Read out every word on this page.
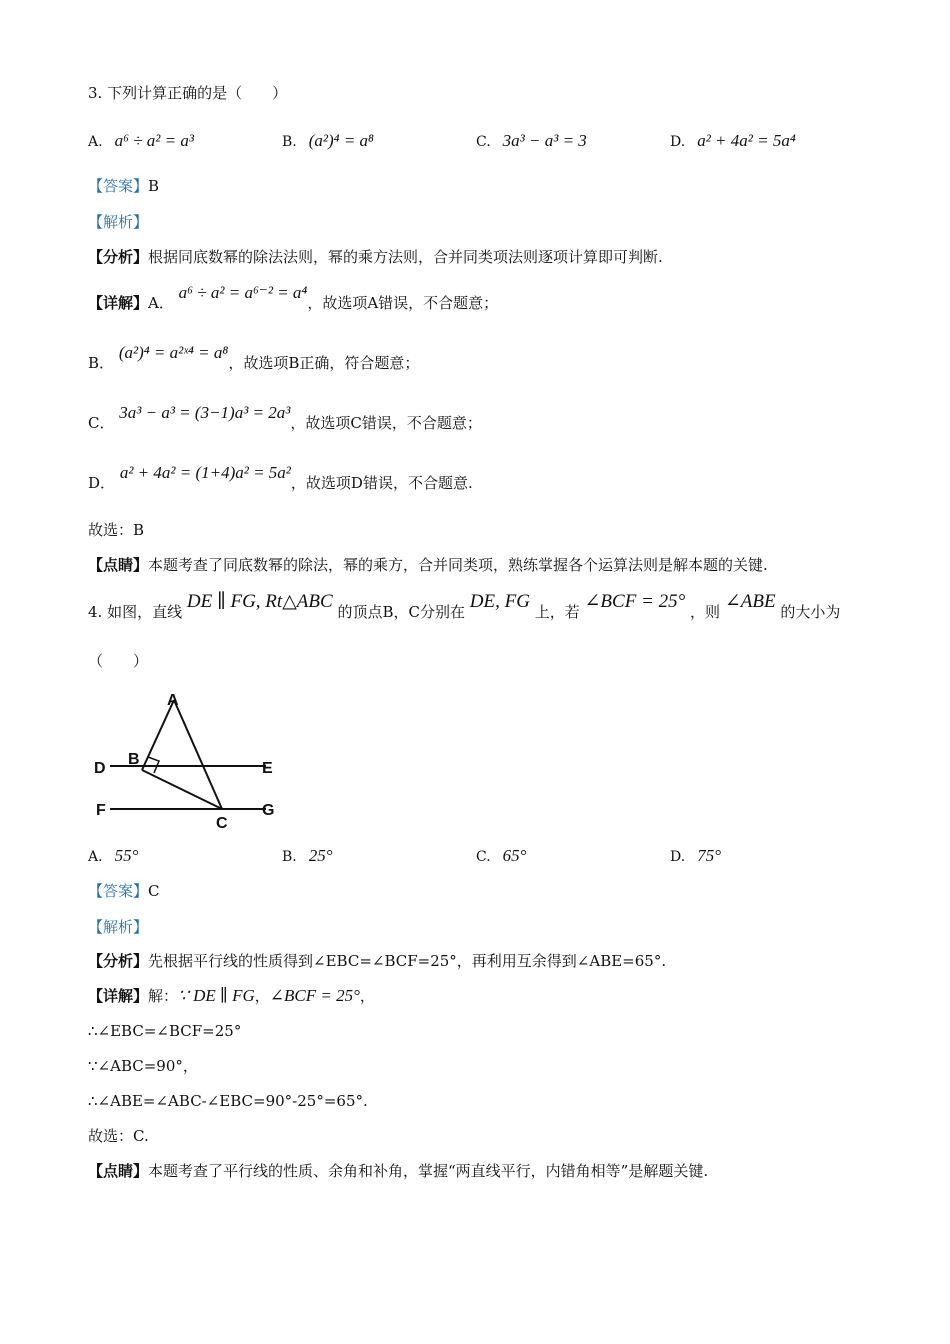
3. 下列计算正确的是（　　）
A. a⁶ ÷ a² = a³	B. (a²)⁴ = a⁸	C. 3a³ − a³ = 3	D. a² + 4a² = 5a⁴
【答案】B
【解析】
【分析】根据同底数幂的除法法则，幂的乘方法则，合并同类项法则逐项计算即可判断.
【详解】A． a⁶ ÷ a² = a⁶⁻² = a⁴，故选项A错误，不合题意；
B． (a²)⁴ = a²ˣ⁴ = a⁸，故选项B正确，符合题意；
C． 3a³ − a³ = (3−1)a³ = 2a³，故选项C错误，不合题意；
D． a² + 4a² = (1+4)a² = 5a²，故选项D错误，不合题意.
故选：B
【点睛】本题考查了同底数幂的除法，幂的乘方，合并同类项，熟练掌握各个运算法则是解本题的关键.
4. 如图，直线 DE ∥ FG, Rt△ABC 的顶点B，C分别在 DE, FG 上，若 ∠BCF = 25° ，则 ∠ABE 的大小为
（　　）
A
B
D	E
F	G
C
A. 55°	B. 25°	C. 65°	D. 75°
【答案】C
【解析】
【分析】先根据平行线的性质得到∠EBC=∠BCF=25°，再利用互余得到∠ABE=65°.
【详解】解：∵ DE ∥ FG，∠BCF = 25°，
∴∠EBC=∠BCF=25°
∵∠ABC=90°，
∴∠ABE=∠ABC-∠EBC=90°-25°=65°.
故选：C.
【点睛】本题考查了平行线的性质、余角和补角，掌握“两直线平行，内错角相等”是解题关键.
